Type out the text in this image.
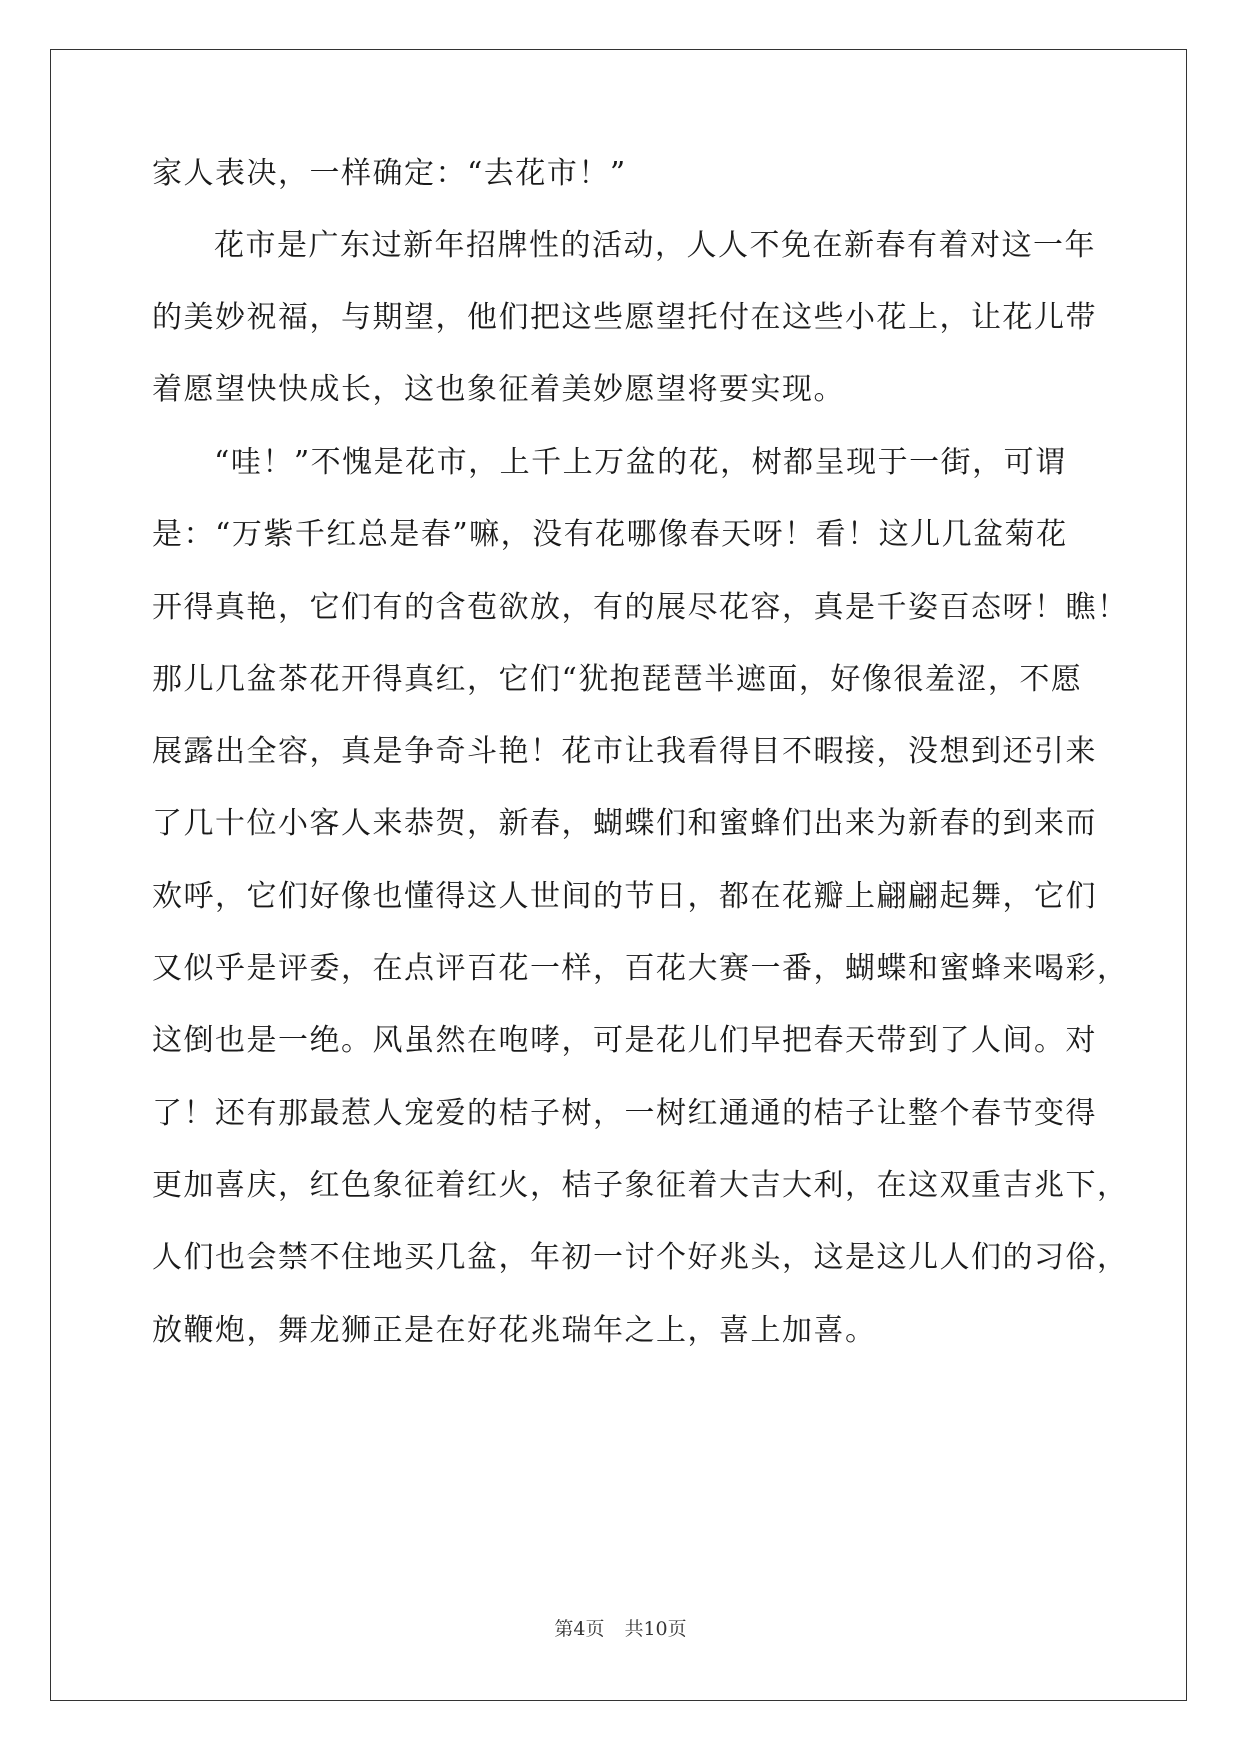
家人表决，一样确定：“去花市！”
花市是广东过新年招牌性的活动，人人不免在新春有着对这一年
的美妙祝福，与期望，他们把这些愿望托付在这些小花上，让花儿带
着愿望快快成长，这也象征着美妙愿望将要实现。
“哇！”不愧是花市，上千上万盆的花，树都呈现于一街，可谓
是：“万紫千红总是春”嘛，没有花哪像春天呀！看！这儿几盆菊花
开得真艳，它们有的含苞欲放，有的展尽花容，真是千姿百态呀！瞧！
那儿几盆茶花开得真红，它们“犹抱琵琶半遮面，好像很羞涩，不愿
展露出全容，真是争奇斗艳！花市让我看得目不暇接，没想到还引来
了几十位小客人来恭贺，新春，蝴蝶们和蜜蜂们出来为新春的到来而
欢呼，它们好像也懂得这人世间的节日，都在花瓣上翩翩起舞，它们
又似乎是评委，在点评百花一样，百花大赛一番，蝴蝶和蜜蜂来喝彩，
这倒也是一绝。风虽然在咆哮，可是花儿们早把春天带到了人间。对
了！还有那最惹人宠爱的桔子树，一树红通通的桔子让整个春节变得
更加喜庆，红色象征着红火，桔子象征着大吉大利，在这双重吉兆下，
人们也会禁不住地买几盆，年初一讨个好兆头，这是这儿人们的习俗，
放鞭炮，舞龙狮正是在好花兆瑞年之上，喜上加喜。
第4页 共10页
